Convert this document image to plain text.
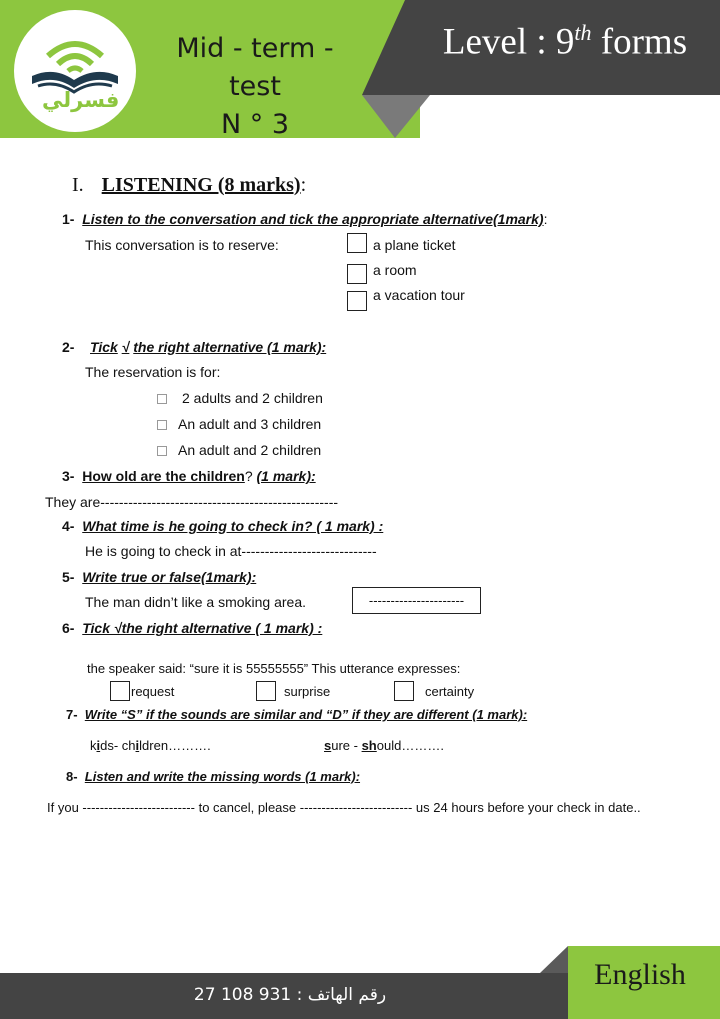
فسرلي
Mid - term - test
N ° 3
Level : 9th forms
I. LISTENING (8 marks):
1- Listen to the conversation and tick the appropriate alternative(1mark):
This conversation is to reserve:	a plane ticket
a room
a vacation tour
2- Tick √ the right alternative (1 mark):
The reservation is for:
2 adults and 2 children
An adult and 3 children
An adult and 2 children
3- How old are the children? (1 mark):
They are---------------------------------------------------
4- What time is he going to check in? ( 1 mark) :
He is going to check in at-----------------------------
5- Write true or false(1mark):
The man didn’t like a smoking area.	----------------------
6- Tick √the right alternative ( 1 mark) :
the speaker said: “sure it is 55555555” This utterance expresses:
request	surprise	certainty
7- Write “S” if the sounds are similar and “D” if they are different (1 mark):
kids- children……….	sure - should……….
8- Listen and write the missing words (1 mark):
If you -------------------------- to cancel, please -------------------------- us 24 hours before your check in date..
رقم الهاتف : 931 108 27
English
